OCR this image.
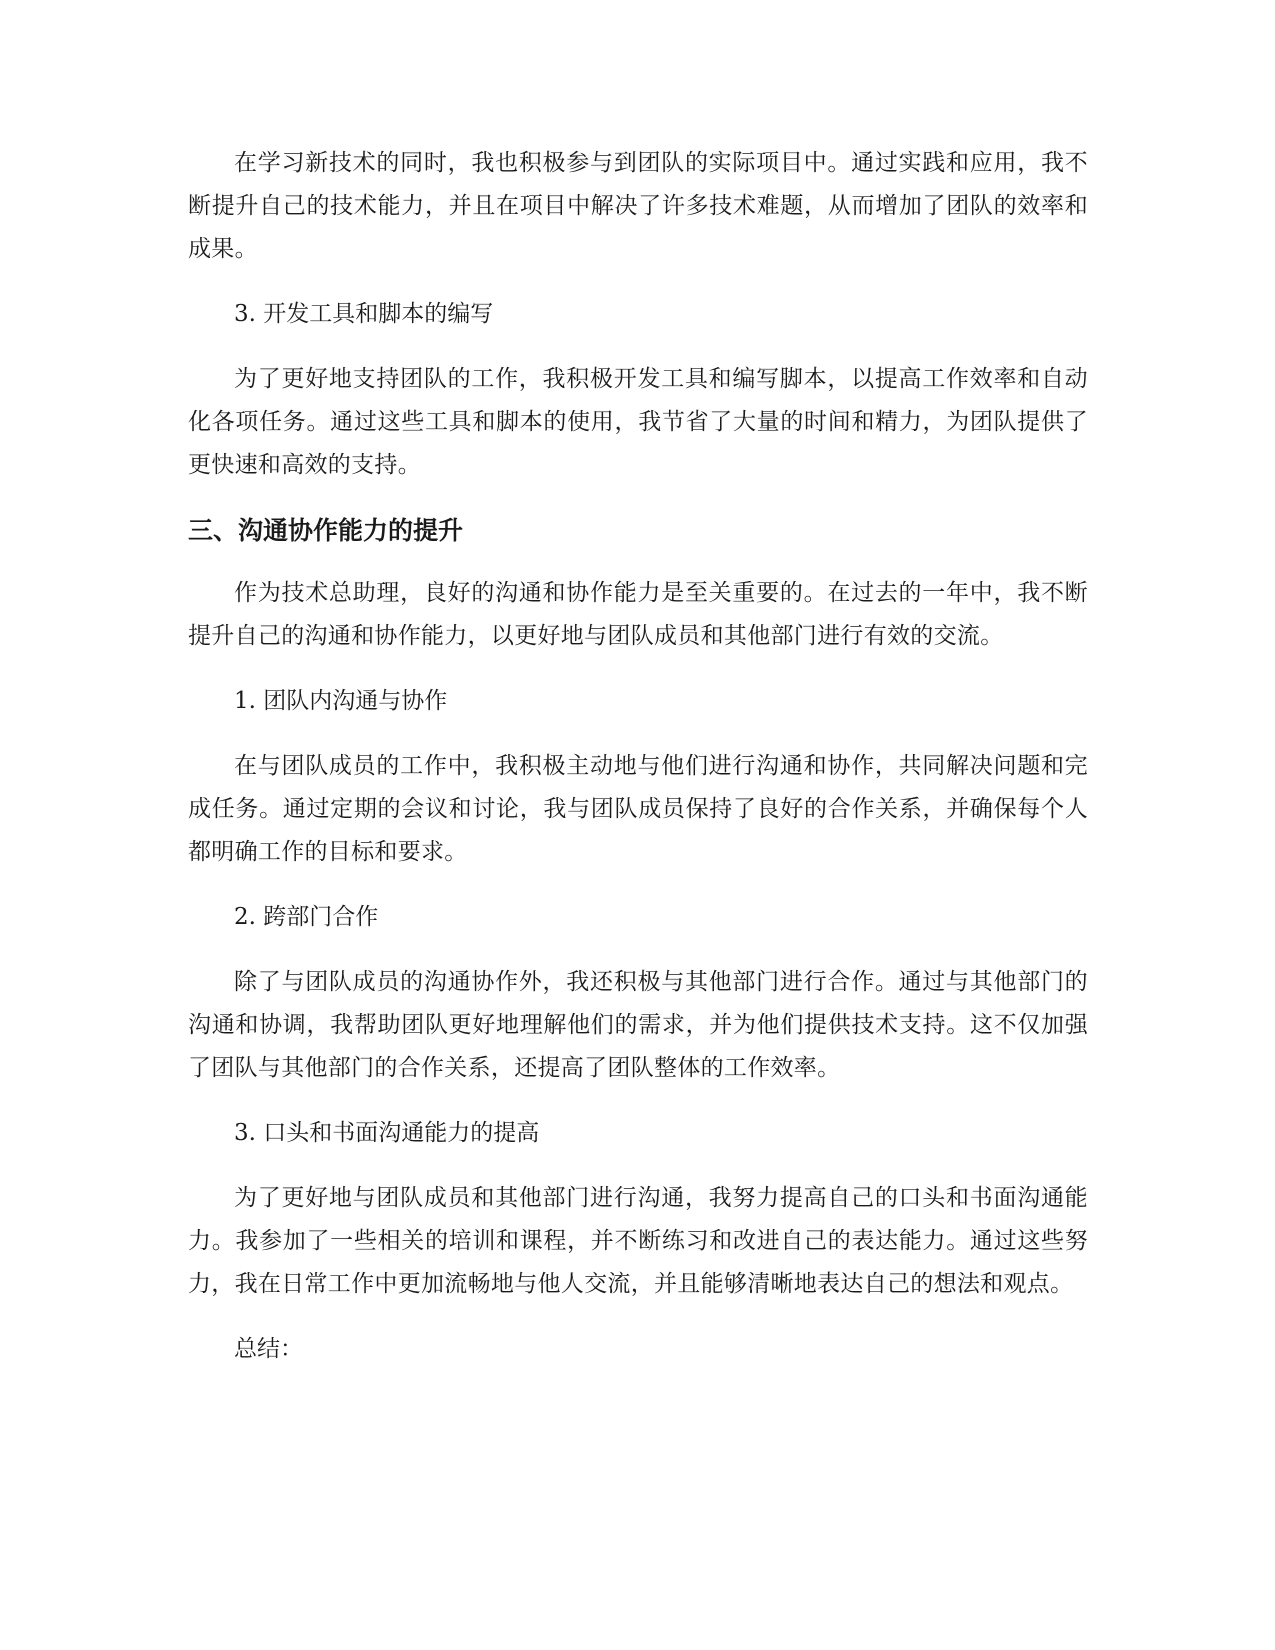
在学习新技术的同时，我也积极参与到团队的实际项目中。通过实践和应用，我不断提升自己的技术能力，并且在项目中解决了许多技术难题，从而增加了团队的效率和成果。

3. 开发工具和脚本的编写

为了更好地支持团队的工作，我积极开发工具和编写脚本，以提高工作效率和自动化各项任务。通过这些工具和脚本的使用，我节省了大量的时间和精力，为团队提供了更快速和高效的支持。

三、沟通协作能力的提升

作为技术总助理，良好的沟通和协作能力是至关重要的。在过去的一年中，我不断提升自己的沟通和协作能力，以更好地与团队成员和其他部门进行有效的交流。

1. 团队内沟通与协作

在与团队成员的工作中，我积极主动地与他们进行沟通和协作，共同解决问题和完成任务。通过定期的会议和讨论，我与团队成员保持了良好的合作关系，并确保每个人都明确工作的目标和要求。

2. 跨部门合作

除了与团队成员的沟通协作外，我还积极与其他部门进行合作。通过与其他部门的沟通和协调，我帮助团队更好地理解他们的需求，并为他们提供技术支持。这不仅加强了团队与其他部门的合作关系，还提高了团队整体的工作效率。

3. 口头和书面沟通能力的提高

为了更好地与团队成员和其他部门进行沟通，我努力提高自己的口头和书面沟通能力。我参加了一些相关的培训和课程，并不断练习和改进自己的表达能力。通过这些努力，我在日常工作中更加流畅地与他人交流，并且能够清晰地表达自己的想法和观点。

总结：
